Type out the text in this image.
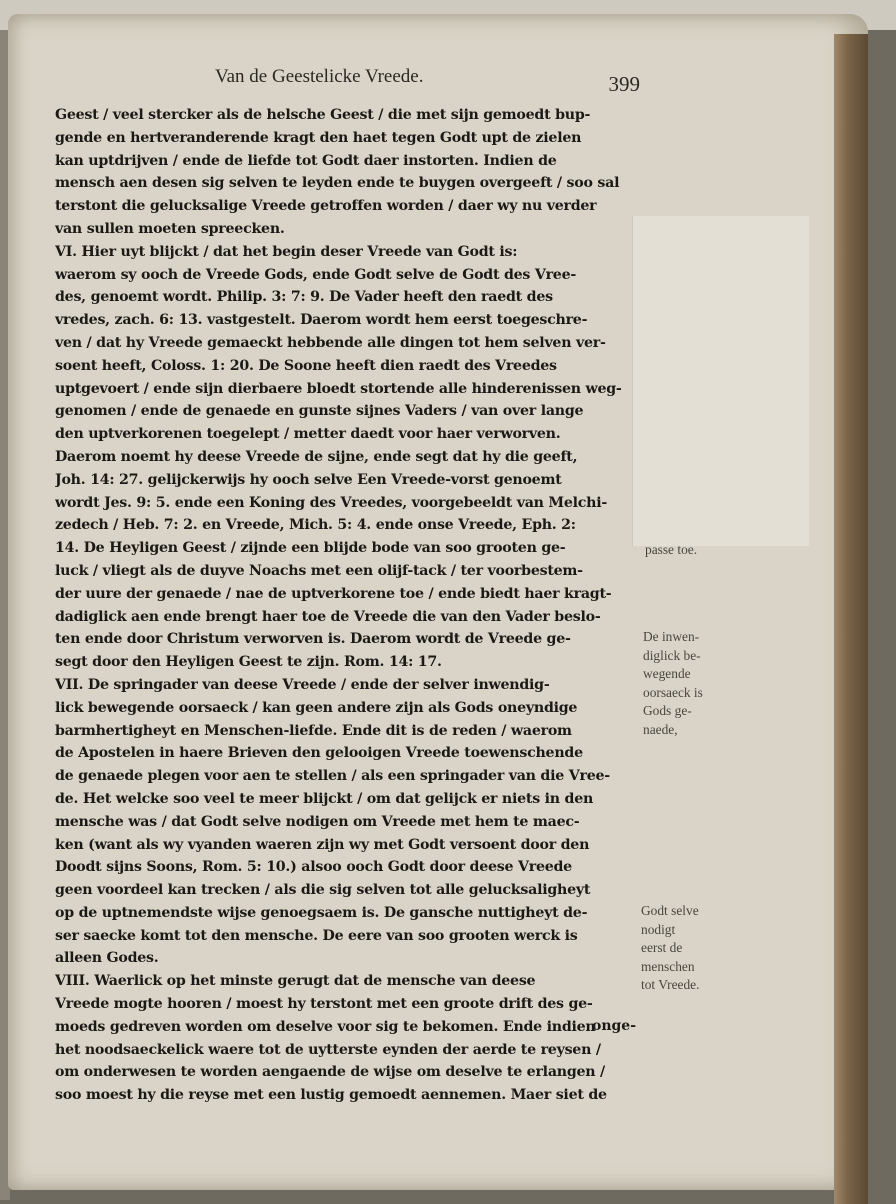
Van de Geestelicke Vreede.	399
Geest / veel stercker als de helsche Geest / die met sijn gemoedt bup-
gende en hertveranderende kragt den haet tegen Godt upt de zielen
kan uptdrijven / ende de liefde tot Godt daer instorten. Indien de
mensch aen desen sig selven te leyden ende te buygen overgeeft / soo sal
terstont die gelucksalige Vreede getroffen worden / daer wy nu verder
van sullen moeten spreecken.
VI. Hier uyt blijckt / dat het begin deser Vreede van Godt is:
waerom sy ooch de Vreede Gods, ende Godt selve de Godt des Vree-
des, genoemt wordt. Philip. 3: 7: 9. De Vader heeft den raedt des
vredes, zach. 6: 13. vastgestelt. Daerom wordt hem eerst toegeschre-
ven / dat hy Vreede gemaeckt hebbende alle dingen tot hem selven ver-
soent heeft, Coloss. 1: 20. De Soone heeft dien raedt des Vreedes
uptgevoert / ende sijn dierbaere bloedt stortende alle hinderenissen weg-
genomen / ende de genaede en gunste sijnes Vaders / van over lange
den uptverkorenen toegelept / metter daedt voor haer verworven.
Daerom noemt hy deese Vreede de sijne, ende segt dat hy die geeft,
Joh. 14: 27. gelijckerwijs hy ooch selve Een Vreede-vorst genoemt
wordt Jes. 9: 5. ende een Koning des Vreedes, voorgebeeldt van Melchi-
zedech / Heb. 7: 2. en Vreede, Mich. 5: 4. ende onse Vreede, Eph. 2:
14. De Heyligen Geest / zijnde een blijde bode van soo grooten ge-
luck / vliegt als de duyve Noachs met een olijf-tack / ter voorbestem-
der uure der genaede / nae de uptverkorene toe / ende biedt haer kragt-
dadiglick aen ende brengt haer toe de Vreede die van den Vader beslo-
ten ende door Christum verworven is. Daerom wordt de Vreede ge-
segt door den Heyligen Geest te zijn. Rom. 14: 17.
VII. De springader van deese Vreede / ende der selver inwendig-
lick bewegende oorsaeck / kan geen andere zijn als Gods oneyndige
barmhertigheyt en Menschen-liefde. Ende dit is de reden / waerom
de Apostelen in haere Brieven den gelooigen Vreede toewenschende
de genaede plegen voor aen te stellen / als een springader van die Vree-
de. Het welcke soo veel te meer blijckt / om dat gelijck er niets in den
mensche was / dat Godt selve nodigen om Vreede met hem te maec-
ken (want als wy vyanden waeren zijn wy met Godt versoent door den
Doodt sijns Soons, Rom. 5: 10.) alsoo ooch Godt door deese Vreede
geen voordeel kan trecken / als die sig selven tot alle gelucksaligheyt
op de uptnemendste wijse genoegsaem is. De gansche nuttigheyt de-
ser saecke komt tot den mensche. De eere van soo grooten werck is
alleen Godes.
VIII. Waerlick op het minste gerugt dat de mensche van deese
Vreede mogte hooren / moest hy terstont met een groote drift des ge-
moeds gedreven worden om deselve voor sig te bekomen. Ende indien
het noodsaeckelick waere tot de uytterste eynden der aerde te reysen /
om onderwesen te worden aengaende de wijse om deselve te erlangen /
soo moest hy die reyse met een lustig gemoedt aennemen. Maer siet de
onge-
passe toe.
De inwen-
diglick be-
wegende
oorsaeck is
Gods ge-
naede,
Godt selve
nodigt
eerst de
menschen
tot Vreede.
